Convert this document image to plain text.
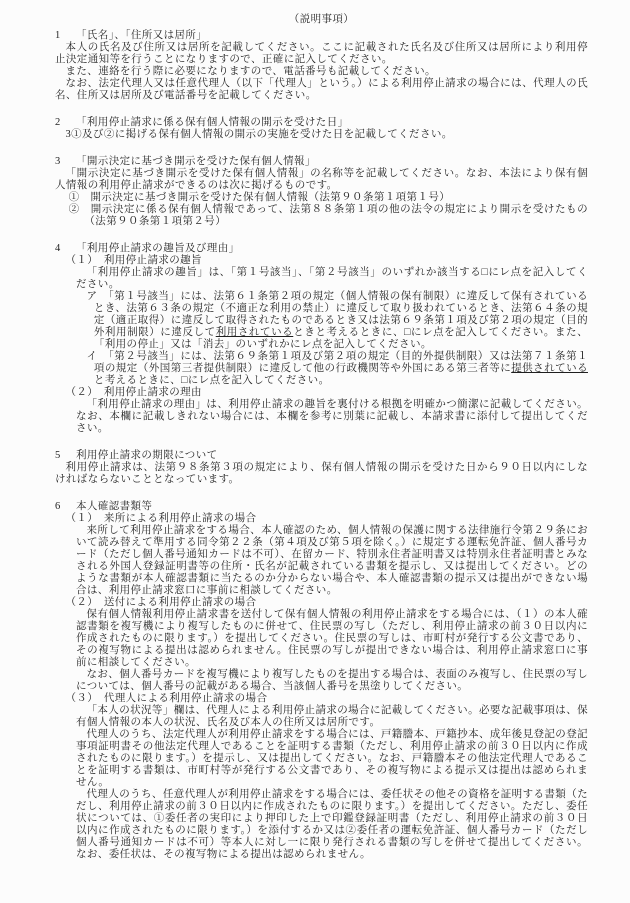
（説明事項）
1 「氏名」、「住所又は居所」
本人の氏名及び住所又は居所を記載してください。ここに記載された氏名及び住所又は居所により利用停止決定通知等を行うことになりますので、正確に記入してください。
また、連絡を行う際に必要になりますので、電話番号も記載してください。
なお、法定代理人又は任意代理人（以下「代理人」という。）による利用停止請求の場合には、代理人の氏名、住所又は居所及び電話番号を記載してください。
2 「利用停止請求に係る保有個人情報の開示を受けた日」
3①及び②に掲げる保有個人情報の開示の実施を受けた日を記載してください。
3 「開示決定に基づき開示を受けた保有個人情報」
「開示決定に基づき開示を受けた保有個人情報」の名称等を記載してください。なお、本法により保有個人情報の利用停止請求ができるのは次に掲げるものです。
①　開示決定に基づき開示を受けた保有個人情報（法第９０条第１項第１号）
②　開示決定に係る保有個人情報であって、法第８８条第１項の他の法令の規定により開示を受けたもの（法第９０条第１項第２号）
4 「利用停止請求の趣旨及び理由」
（１）　利用停止請求の趣旨
「利用停止請求の趣旨」は、「第１号該当」、「第２号該当」のいずれか該当する□にレ点を記入してください。
ア　「第１号該当」には、法第６１条第２項の規定（個人情報の保有制限）に違反して保有されているとき、法第６３条の規定（不適正な利用の禁止）に違反して取り扱われているとき、法第６４条の規定（適正取得）に違反して取得されたものであるとき又は法第６９条第１項及び第２項の規定（目的外利用制限）に違反して利用されているときと考えるときに、□にレ点を記入してください。また、「利用の停止」又は「消去」のいずれかにレ点を記入してください。
イ　「第２号該当」には、法第６９条第１項及び第２項の規定（目的外提供制限）又は法第７１条第１項の規定（外国第三者提供制限）に違反して他の行政機関等や外国にある第三者等に提供されていると考えるときに、□にレ点を記入してください。
（２）　利用停止請求の理由
「利用停止請求の理由」は、利用停止請求の趣旨を裏付ける根拠を明確かつ簡潔に記載してください。なお、本欄に記載しきれない場合には、本欄を参考に別葉に記載し、本請求書に添付して提出してください。
5 利用停止請求の期限について
利用停止請求は、法第９８条第３項の規定により、保有個人情報の開示を受けた日から９０日以内にしなければならないこととなっています。
6 本人確認書類等
（１）　来所による利用停止請求の場合
来所して利用停止請求をする場合、本人確認のため、個人情報の保護に関する法律施行令第２９条において読み替えて準用する同令第２２条（第４項及び第５項を除く。）に規定する運転免許証、個人番号カード（ただし個人番号通知カードは不可）、在留カード、特別永住者証明書又は特別永住者証明書とみなされる外国人登録証明書等の住所・氏名が記載されている書類を提示し、又は提出してください。どのような書類が本人確認書類に当たるのか分からない場合や、本人確認書類の提示又は提出ができない場合は、利用停止請求窓口に事前に相談してください。
（２）　送付による利用停止請求の場合
保有個人情報利用停止請求書を送付して保有個人情報の利用停止請求をする場合には、（１）の本人確認書類を複写機により複写したものに併せて、住民票の写し（ただし、利用停止請求の前３０日以内に作成されたものに限ります。）を提出してください。住民票の写しは、市町村が発行する公文書であり、その複写物による提出は認められません。住民票の写しが提出できない場合は、利用停止請求窓口に事前に相談してください。
なお、個人番号カードを複写機により複写したものを提出する場合は、表面のみ複写し、住民票の写しについては、個人番号の記載がある場合、当該個人番号を黒塗りしてください。
（３）　代理人による利用停止請求の場合
「本人の状況等」欄は、代理人による利用停止請求の場合に記載してください。必要な記載事項は、保有個人情報の本人の状況、氏名及び本人の住所又は居所です。
代理人のうち、法定代理人が利用停止請求をする場合には、戸籍謄本、戸籍抄本、成年後見登記の登記事項証明書その他法定代理人であることを証明する書類（ただし、利用停止請求の前３０日以内に作成されたものに限ります。）を提示し、又は提出してください。なお、戸籍謄本その他法定代理人であることを証明する書類は、市町村等が発行する公文書であり、その複写物による提示又は提出は認められません。
代理人のうち、任意代理人が利用停止請求をする場合には、委任状その他その資格を証明する書類（ただし、利用停止請求の前３０日以内に作成されたものに限ります。）を提出してください。ただし、委任状については、①委任者の実印により押印した上で印鑑登録証明書（ただし、利用停止請求の前３０日以内に作成されたものに限ります。）を添付するか又は②委任者の運転免許証、個人番号カード（ただし個人番号通知カードは不可）等本人に対し一に限り発行される書類の写しを併せて提出してください。なお、委任状は、その複写物による提出は認められません。
